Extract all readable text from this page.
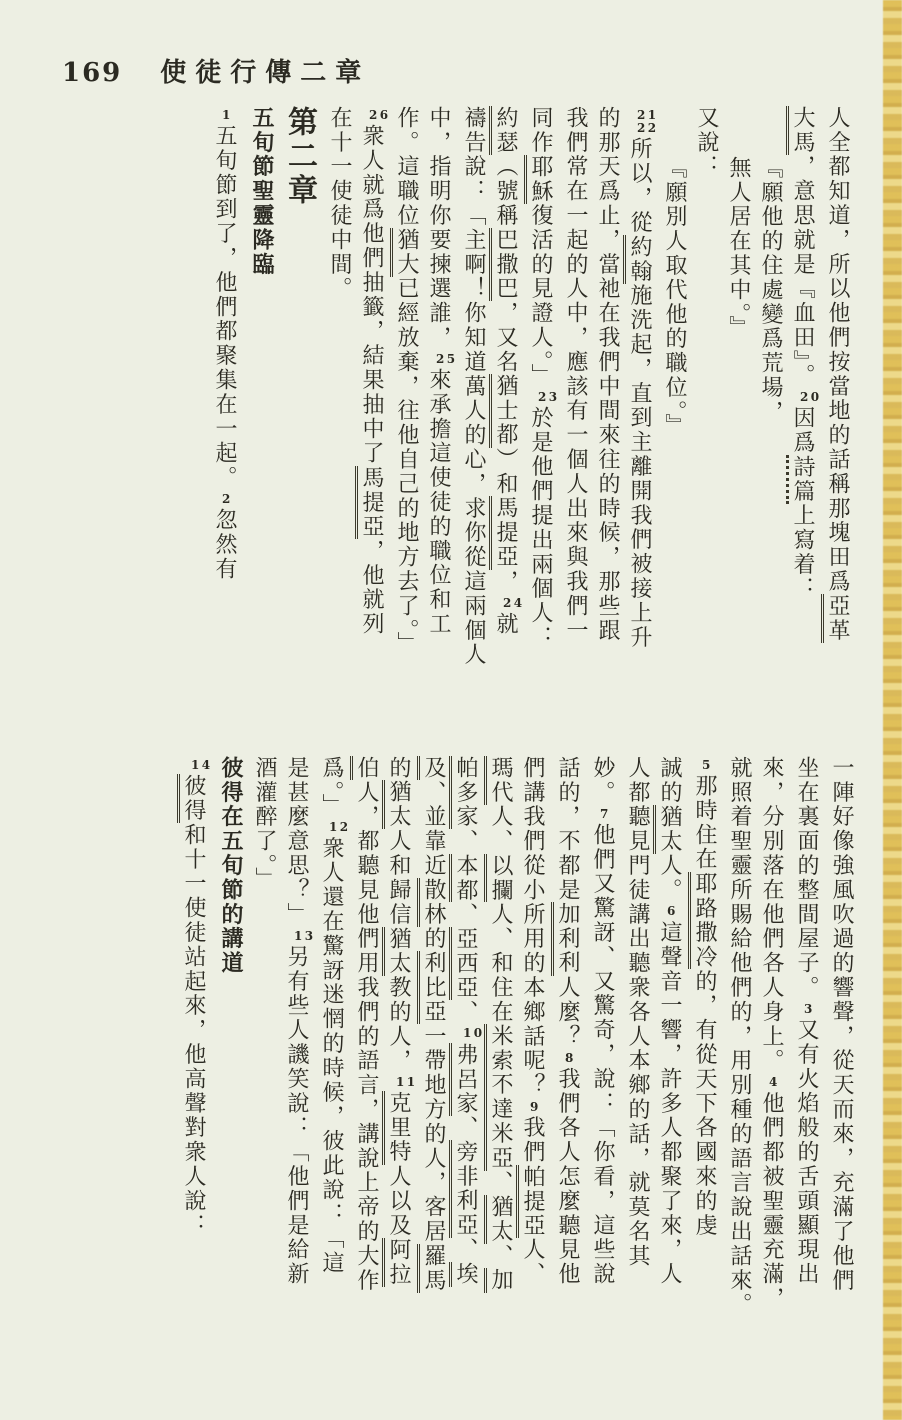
169 使徒行傳二章

人全都知道，所以他們按當地的話稱那塊田爲亞革

大馬，意思就是『血田』。20因爲詩篇上寫着：

『願他的住處變爲荒場，

無人居在其中。』

又說：

『願別人取代他的職位。』

21 22所以，從約翰施洗起，直到主離開我們被接上升

的那天爲止，當祂在我們中間來往的時候，那些跟

我們常在一起的人中，應該有一個人出來與我們一

同作耶穌復活的見證人。」23於是他們提出兩個人：

約瑟（號稱巴撒巴，又名猶士都）和馬提亞，24就

禱告說：「主啊！你知道萬人的心，求你從這兩個人

中，指明你要揀選誰，25來承擔這使徒的職位和工

作。這職位猶大已經放棄，往他自己的地方去了。」

26衆人就爲他們抽籤，結果抽中了馬提亞，他就列

在十一使徒中間。

第二章

五旬節聖靈降臨

1五旬節到了，他們都聚集在一起。2忽然有

一陣好像強風吹過的響聲，從天而來，充滿了他們

坐在裏面的整間屋子。3又有火焰般的舌頭顯現出

來，分別落在他們各人身上。4他們都被聖靈充滿，

就照着聖靈所賜給他們的，用別種的語言說出話來。

5那時住在耶路撒冷的，有從天下各國來的虔

誠的猶太人。6這聲音一響，許多人都聚了來，人

人都聽見門徒講出聽衆各人本鄉的話，就莫名其

妙。7他們又驚訝、又驚奇，說：「你看，這些說

話的，不都是加利利人麼？8我們各人怎麼聽見他

們講我們從小所用的本鄉話呢？9我們帕提亞人、

瑪代人、以攔人、和住在米索不達米亞、猶太、加

帕多家、本都、亞西亞、10弗呂家、旁非利亞、埃

及、並靠近散林的利比亞一帶地方的人，客居羅馬

的猶太人和歸信猶太教的人，11克里特人以及阿拉

伯人，都聽見他們用我們的語言，講說上帝的大作

爲。」12衆人還在驚訝迷惘的時候，彼此說：「這

是甚麼意思？」13另有些人譏笑說：「他們是給新

酒灌醉了。」

彼得在五旬節的講道

14彼得和十一使徒站起來，他高聲對衆人說：
